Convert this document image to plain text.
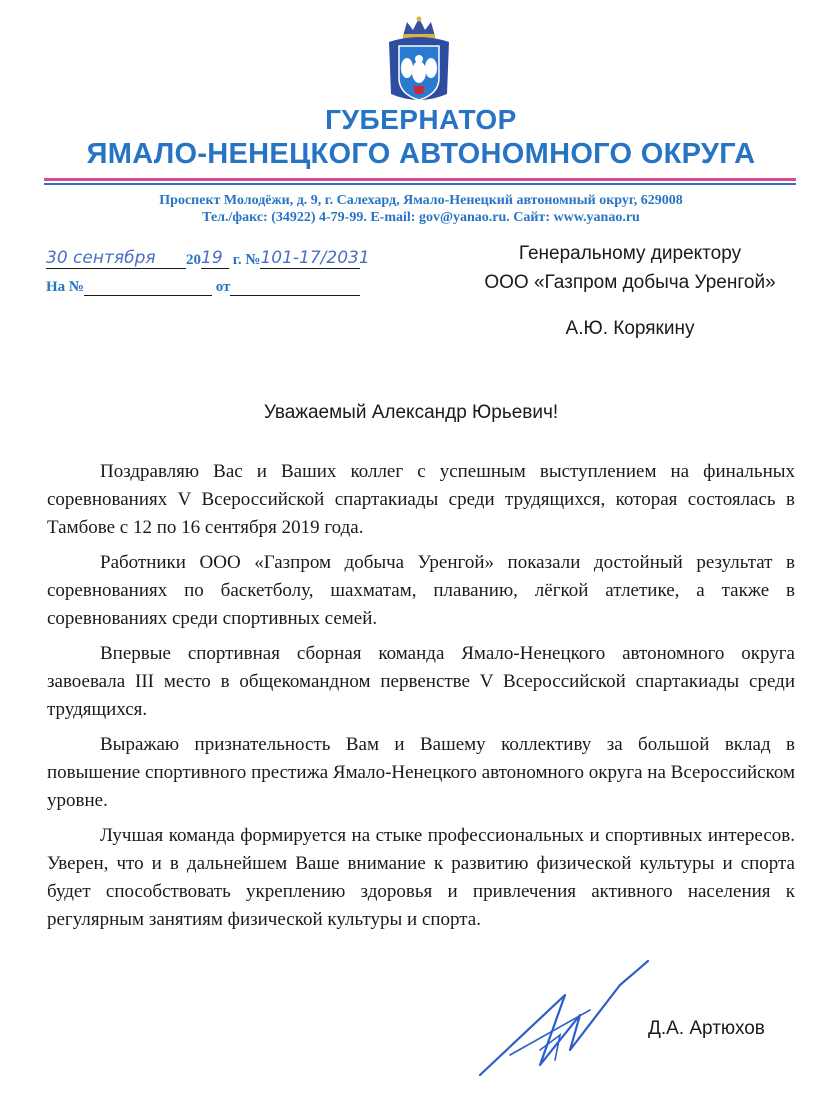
ГУБЕРНАТОР
ЯМАЛО-НЕНЕЦКОГО АВТОНОМНОГО ОКРУГА
Проспект Молодёжи, д. 9, г. Салехард, Ямало-Ненецкий автономный округ, 629008
Тел./факс: (34922) 4-79-99. E-mail: gov@yanao.ru. Сайт: www.yanao.ru
30 сентября 2019 г. №101-17/2031
На №	от
Генеральному директору
ООО «Газпром добыча Уренгой»
А.Ю. Корякину
Уважаемый Александр Юрьевич!

Поздравляю Вас и Ваших коллег с успешным выступлением на финальных соревнованиях V Всероссийской спартакиады среди трудящихся, которая состоялась в Тамбове с 12 по 16 сентября 2019 года.

Работники ООО «Газпром добыча Уренгой» показали достойный результат в соревнованиях по баскетболу, шахматам, плаванию, лёгкой атлетике, а также в соревнованиях среди спортивных семей.

Впервые спортивная сборная команда Ямало-Ненецкого автономного округа завоевала III место в общекомандном первенстве V Всероссийской спартакиады среди трудящихся.

Выражаю признательность Вам и Вашему коллективу за большой вклад в повышение спортивного престижа Ямало-Ненецкого автономного округа на Всероссийском уровне.

Лучшая команда формируется на стыке профессиональных и спортивных интересов. Уверен, что и в дальнейшем Ваше внимание к развитию физической культуры и спорта будет способствовать укреплению здоровья и привлечения активного населения к регулярным занятиям физической культуры и спорта.

Д.А. Артюхов
